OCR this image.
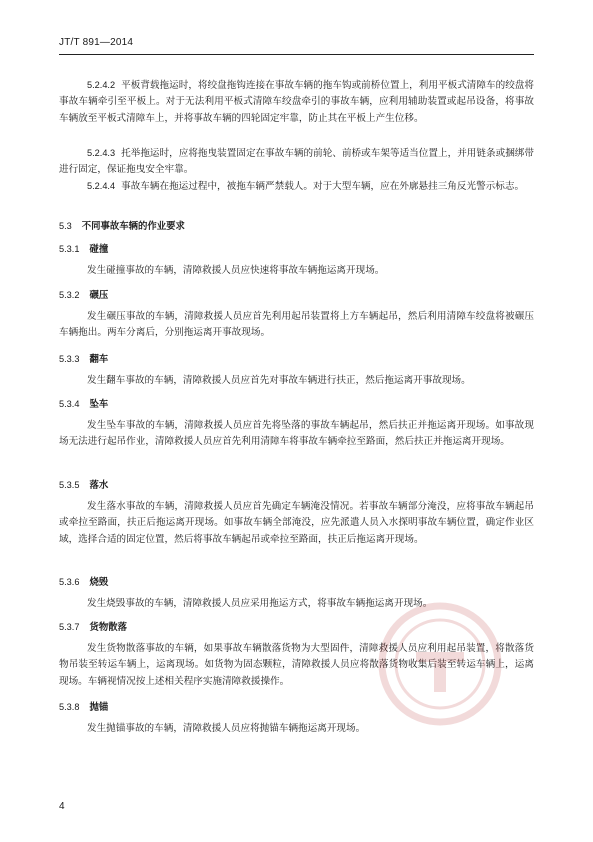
JT/T 891—2014
5.2.4.2 平板背载拖运时，将绞盘拖钩连接在事故车辆的拖车钩或前桥位置上，利用平板式清障车的绞盘将事故车辆牵引至平板上。对于无法利用平板式清障车绞盘牵引的事故车辆，应利用辅助装置或起吊设备，将事故车辆放至平板式清障车上，并将事故车辆的四轮固定牢靠，防止其在平板上产生位移。
5.2.4.3 托举拖运时，应将拖曳装置固定在事故车辆的前轮、前桥或车架等适当位置上，并用链条或捆绑带进行固定，保证拖曳安全牢靠。
5.2.4.4 事故车辆在拖运过程中，被拖车辆严禁载人。对于大型车辆，应在外廓悬挂三角反光警示标志。
5.3 不同事故车辆的作业要求
5.3.1 碰撞
发生碰撞事故的车辆，清障救援人员应快速将事故车辆拖运离开现场。
5.3.2 碾压
发生碾压事故的车辆，清障救援人员应首先利用起吊装置将上方车辆起吊，然后利用清障车绞盘将被碾压车辆拖出。两车分离后，分别拖运离开事故现场。
5.3.3 翻车
发生翻车事故的车辆，清障救援人员应首先对事故车辆进行扶正，然后拖运离开事故现场。
5.3.4 坠车
发生坠车事故的车辆，清障救援人员应首先将坠落的事故车辆起吊，然后扶正并拖运离开现场。如事故现场无法进行起吊作业，清障救援人员应首先利用清障车将事故车辆牵拉至路面，然后扶正并拖运离开现场。
5.3.5 落水
发生落水事故的车辆，清障救援人员应首先确定车辆淹没情况。若事故车辆部分淹没，应将事故车辆起吊或牵拉至路面，扶正后拖运离开现场。如事故车辆全部淹没，应先派遣人员入水探明事故车辆位置，确定作业区域，选择合适的固定位置，然后将事故车辆起吊或牵拉至路面，扶正后拖运离开现场。
5.3.6 烧毁
发生烧毁事故的车辆，清障救援人员应采用拖运方式，将事故车辆拖运离开现场。
5.3.7 货物散落
发生货物散落事故的车辆，如果事故车辆散落货物为大型固件，清障救援人员应利用起吊装置，将散落货物吊装至转运车辆上，运离现场。如货物为固态颗粒，清障救援人员应将散落货物收集后装至转运车辆上，运离现场。车辆视情况按上述相关程序实施清障救援操作。
5.3.8 抛锚
发生抛锚事故的车辆，清障救援人员应将抛锚车辆拖运离开现场。
4
